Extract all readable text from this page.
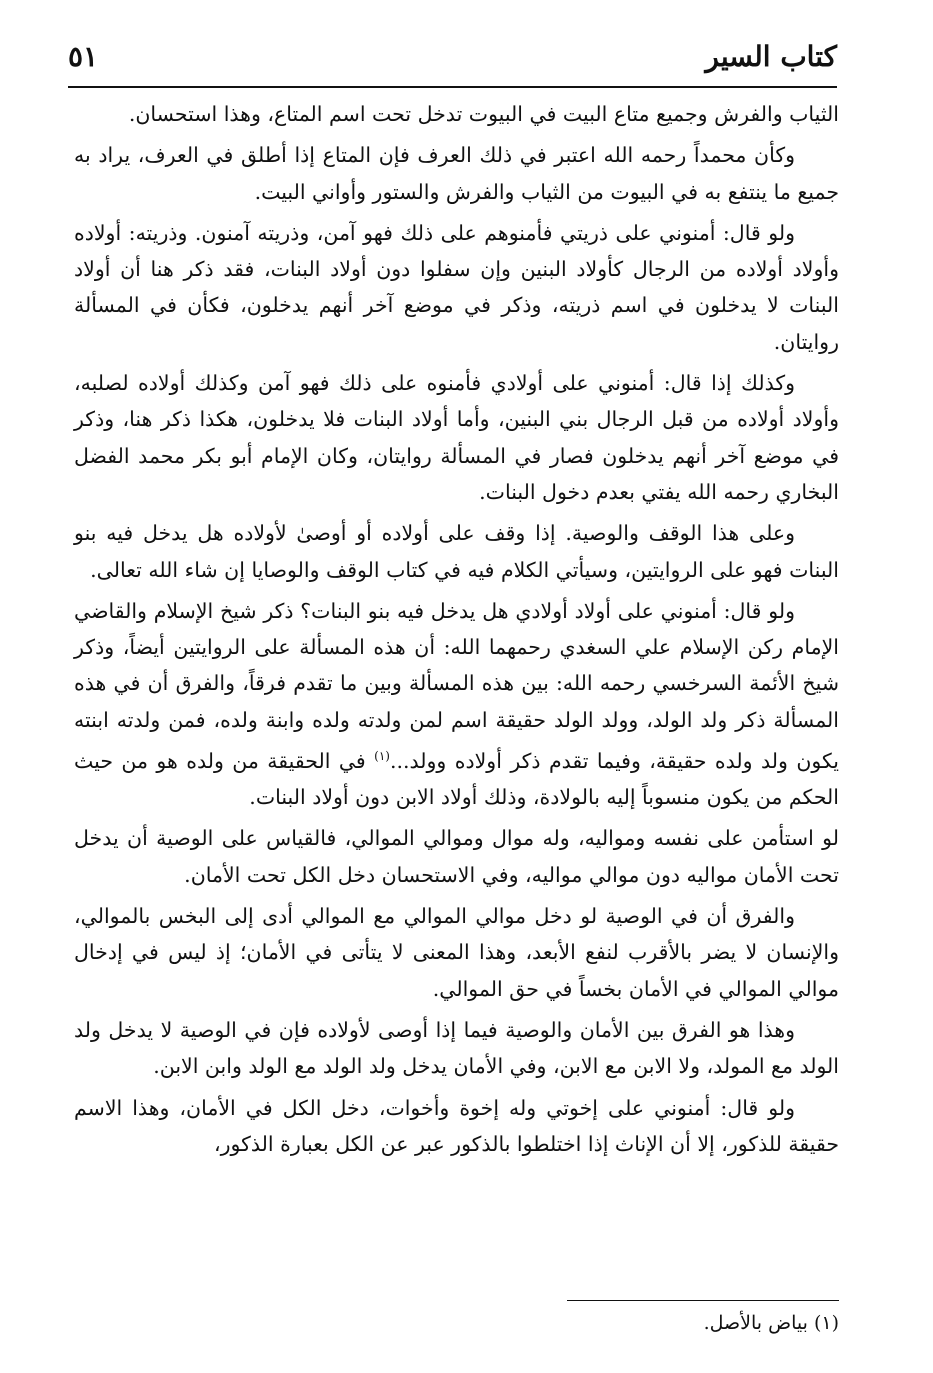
كتاب السير
٥١

الثياب والفرش وجميع متاع البيت في البيوت تدخل تحت اسم المتاع، وهذا استحسان.

وكأن محمداً رحمه الله اعتبر في ذلك العرف فإن المتاع إذا أطلق في العرف، يراد به جميع ما ينتفع به في البيوت من الثياب والفرش والستور وأواني البيت.

ولو قال: أمنوني على ذريتي فأمنوهم على ذلك فهو آمن، وذريته آمنون. وذريته: أولاده وأولاد أولاده من الرجال كأولاد البنين وإن سفلوا دون أولاد البنات، فقد ذكر هنا أن أولاد البنات لا يدخلون في اسم ذريته، وذكر في موضع آخر أنهم يدخلون، فكأن في المسألة روايتان.

وكذلك إذا قال: أمنوني على أولادي فأمنوه على ذلك فهو آمن وكذلك أولاده لصلبه، وأولاد أولاده من قبل الرجال بني البنين، وأما أولاد البنات فلا يدخلون، هكذا ذكر هنا، وذكر في موضع آخر أنهم يدخلون فصار في المسألة روايتان، وكان الإمام أبو بكر محمد الفضل البخاري رحمه الله يفتي بعدم دخول البنات.

وعلى هذا الوقف والوصية. إذا وقف على أولاده أو أوصىٰ لأولاده هل يدخل فيه بنو البنات فهو على الروايتين، وسيأتي الكلام فيه في كتاب الوقف والوصايا إن شاء الله تعالى.

ولو قال: أمنوني على أولاد أولادي هل يدخل فيه بنو البنات؟ ذكر شيخ الإسلام والقاضي الإمام ركن الإسلام علي السغدي رحمهما الله: أن هذه المسألة على الروايتين أيضاً، وذكر شيخ الأئمة السرخسي رحمه الله: بين هذه المسألة وبين ما تقدم فرقاً، والفرق أن في هذه المسألة ذكر ولد الولد، وولد الولد حقيقة اسم لمن ولدته ولده وابنة ولده، فمن ولدته ابنته يكون ولد ولده حقيقة، وفيما تقدم ذكر أولاده وولد...$^{(١)}$ في الحقيقة من ولده هو من حيث الحكم من يكون منسوباً إليه بالولادة، وذلك أولاد الابن دون أولاد البنات.

لو استأمن على نفسه ومواليه، وله موال وموالي الموالي، فالقياس على الوصية أن يدخل تحت الأمان مواليه دون موالي مواليه، وفي الاستحسان دخل الكل تحت الأمان.

والفرق أن في الوصية لو دخل موالي الموالي مع الموالي أدى إلى البخس بالموالي، والإنسان لا يضر بالأقرب لنفع الأبعد، وهذا المعنى لا يتأتى في الأمان؛ إذ ليس في إدخال موالي الموالي في الأمان بخساً في حق الموالي.

وهذا هو الفرق بين الأمان والوصية فيما إذا أوصى لأولاده فإن في الوصية لا يدخل ولد الولد مع المولد، ولا الابن مع الابن، وفي الأمان يدخل ولد الولد مع الولد وابن الابن.

ولو قال: أمنوني على إخوتي وله إخوة وأخوات، دخل الكل في الأمان، وهذا الاسم حقيقة للذكور، إلا أن الإناث إذا اختلطوا بالذكور عبر عن الكل بعبارة الذكور،

(١) بياض بالأصل.
